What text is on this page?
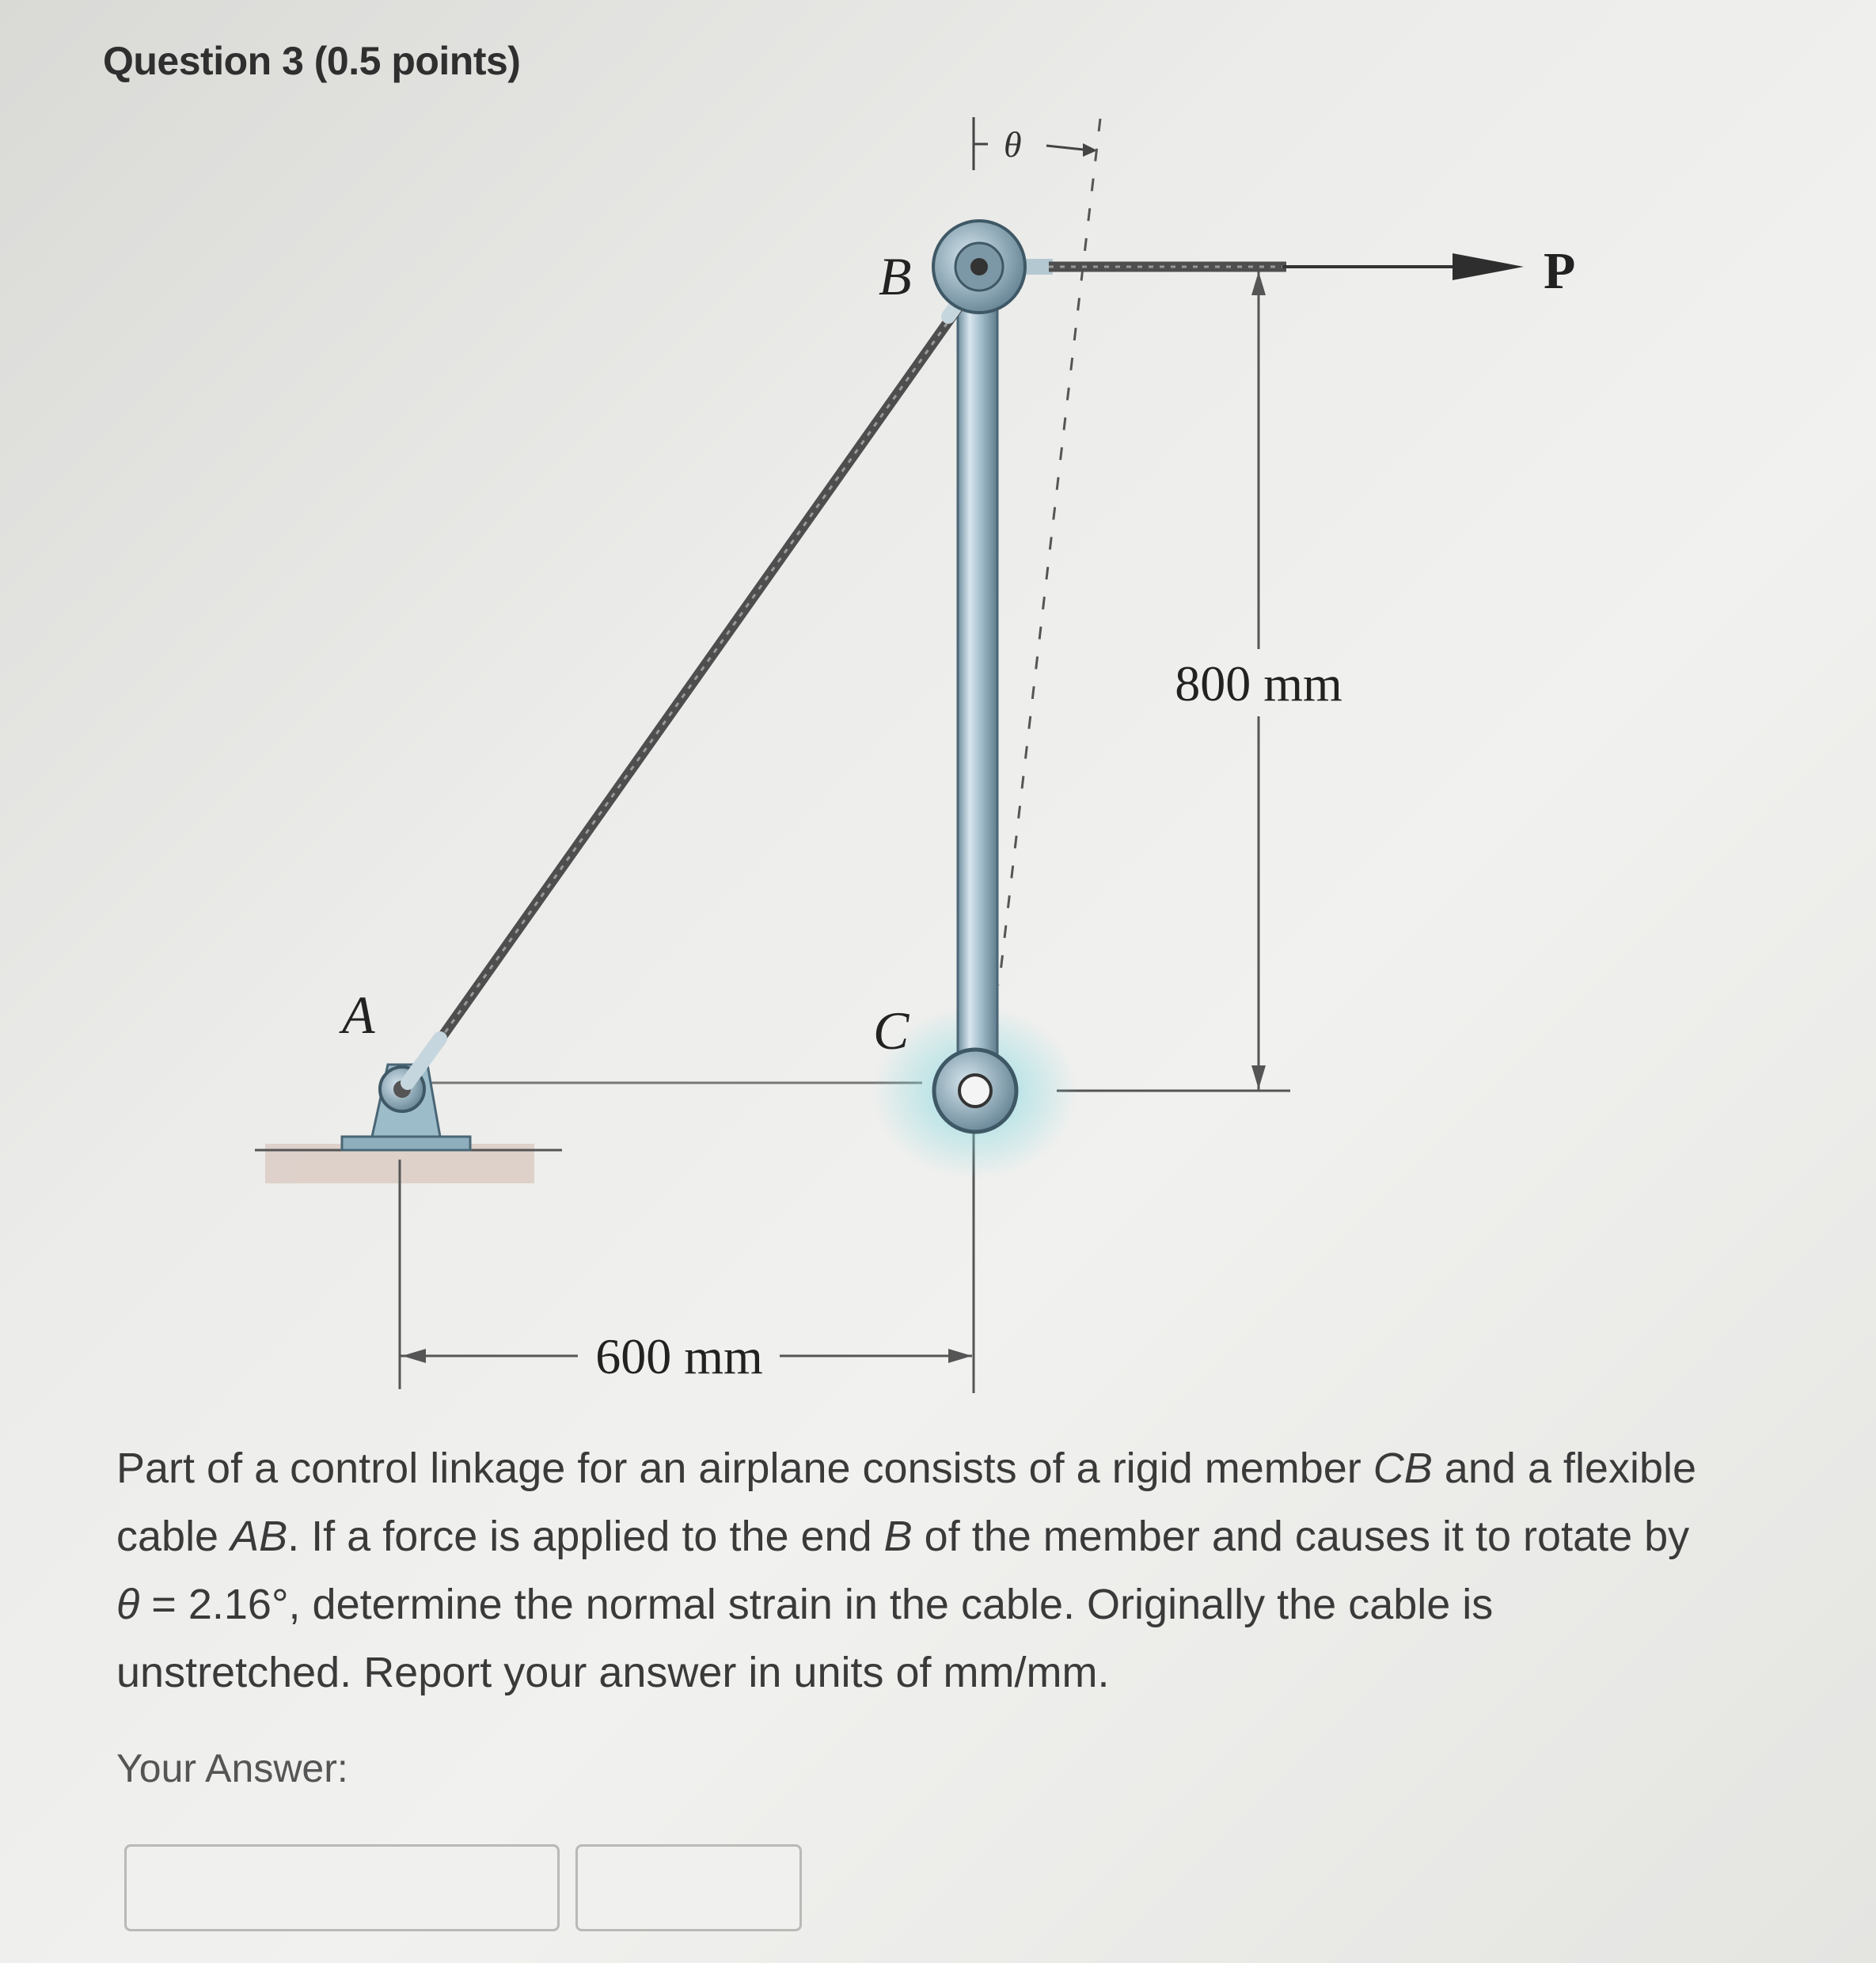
Question 3 (0.5 points)
θ
600 mm
800 mm
P
B
A	C
Part of a control linkage for an airplane consists of a rigid member CB and a flexible cable AB. If a force is applied to the end B of the member and causes it to rotate by θ = 2.16°, determine the normal strain in the cable. Originally the cable is unstretched. Report your answer in units of mm/mm.
Your Answer:
